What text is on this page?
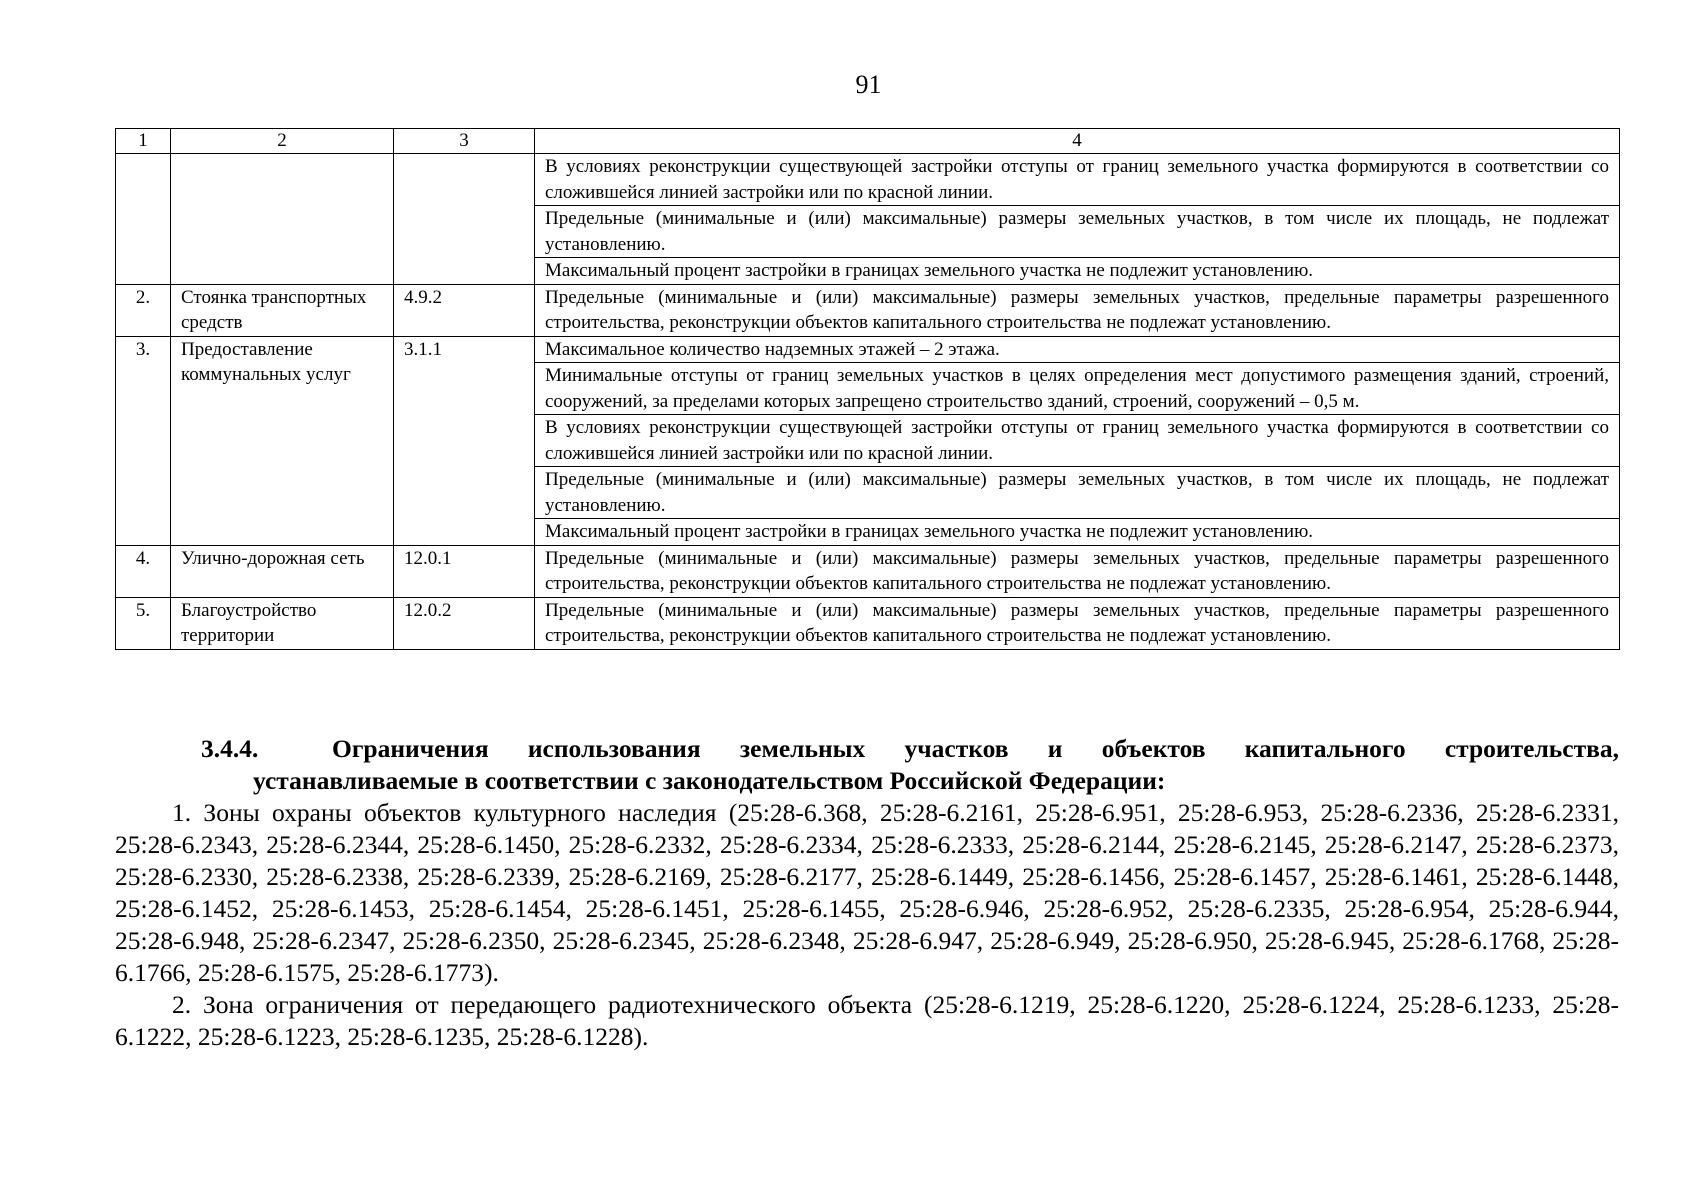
91
1	2	3	4
			В условиях реконструкции существующей застройки отступы от границ земельного участка формируются в соответствии со сложившейся линией застройки или по красной линии.
			Предельные (минимальные и (или) максимальные) размеры земельных участков, в том числе их площадь, не подлежат установлению.
			Максимальный процент застройки в границах земельного участка не подлежит установлению.
2.	Стоянка транспортных средств	4.9.2	Предельные (минимальные и (или) максимальные) размеры земельных участков, предельные параметры разрешенного строительства, реконструкции объектов капитального строительства не подлежат установлению.
3.	Предоставление коммунальных услуг	3.1.1	Максимальное количество надземных этажей – 2 этажа.
			Минимальные отступы от границ земельных участков в целях определения мест допустимого размещения зданий, строений, сооружений, за пределами которых запрещено строительство зданий, строений, сооружений – 0,5 м.
			В условиях реконструкции существующей застройки отступы от границ земельного участка формируются в соответствии со сложившейся линией застройки или по красной линии.
			Предельные (минимальные и (или) максимальные) размеры земельных участков, в том числе их площадь, не подлежат установлению.
			Максимальный процент застройки в границах земельного участка не подлежит установлению.
4.	Улично-дорожная сеть	12.0.1	Предельные (минимальные и (или) максимальные) размеры земельных участков, предельные параметры разрешенного строительства, реконструкции объектов капитального строительства не подлежат установлению.
5.	Благоустройство территории	12.0.2	Предельные (минимальные и (или) максимальные) размеры земельных участков, предельные параметры разрешенного строительства, реконструкции объектов капитального строительства не подлежат установлению.

3.4.4.	Ограничения использования земельных участков и объектов капитального строительства,
устанавливаемые в соответствии с законодательством Российской Федерации:

1. Зоны охраны объектов культурного наследия (25:28-6.368, 25:28-6.2161, 25:28-6.951, 25:28-6.953, 25:28-6.2336, 25:28-6.2331, 25:28-6.2343, 25:28-6.2344, 25:28-6.1450, 25:28-6.2332, 25:28-6.2334, 25:28-6.2333, 25:28-6.2144, 25:28-6.2145, 25:28-6.2147, 25:28-6.2373, 25:28-6.2330, 25:28-6.2338, 25:28-6.2339, 25:28-6.2169, 25:28-6.2177, 25:28-6.1449, 25:28-6.1456, 25:28-6.1457, 25:28-6.1461, 25:28-6.1448, 25:28-6.1452, 25:28-6.1453, 25:28-6.1454, 25:28-6.1451, 25:28-6.1455, 25:28-6.946, 25:28-6.952, 25:28-6.2335, 25:28-6.954, 25:28-6.944, 25:28-6.948, 25:28-6.2347, 25:28-6.2350, 25:28-6.2345, 25:28-6.2348, 25:28-6.947, 25:28-6.949, 25:28-6.950, 25:28-6.945, 25:28-6.1768, 25:28-6.1766, 25:28-6.1575, 25:28-6.1773).

2. Зона ограничения от передающего радиотехнического объекта (25:28-6.1219, 25:28-6.1220, 25:28-6.1224, 25:28-6.1233, 25:28-6.1222, 25:28-6.1223, 25:28-6.1235, 25:28-6.1228).
